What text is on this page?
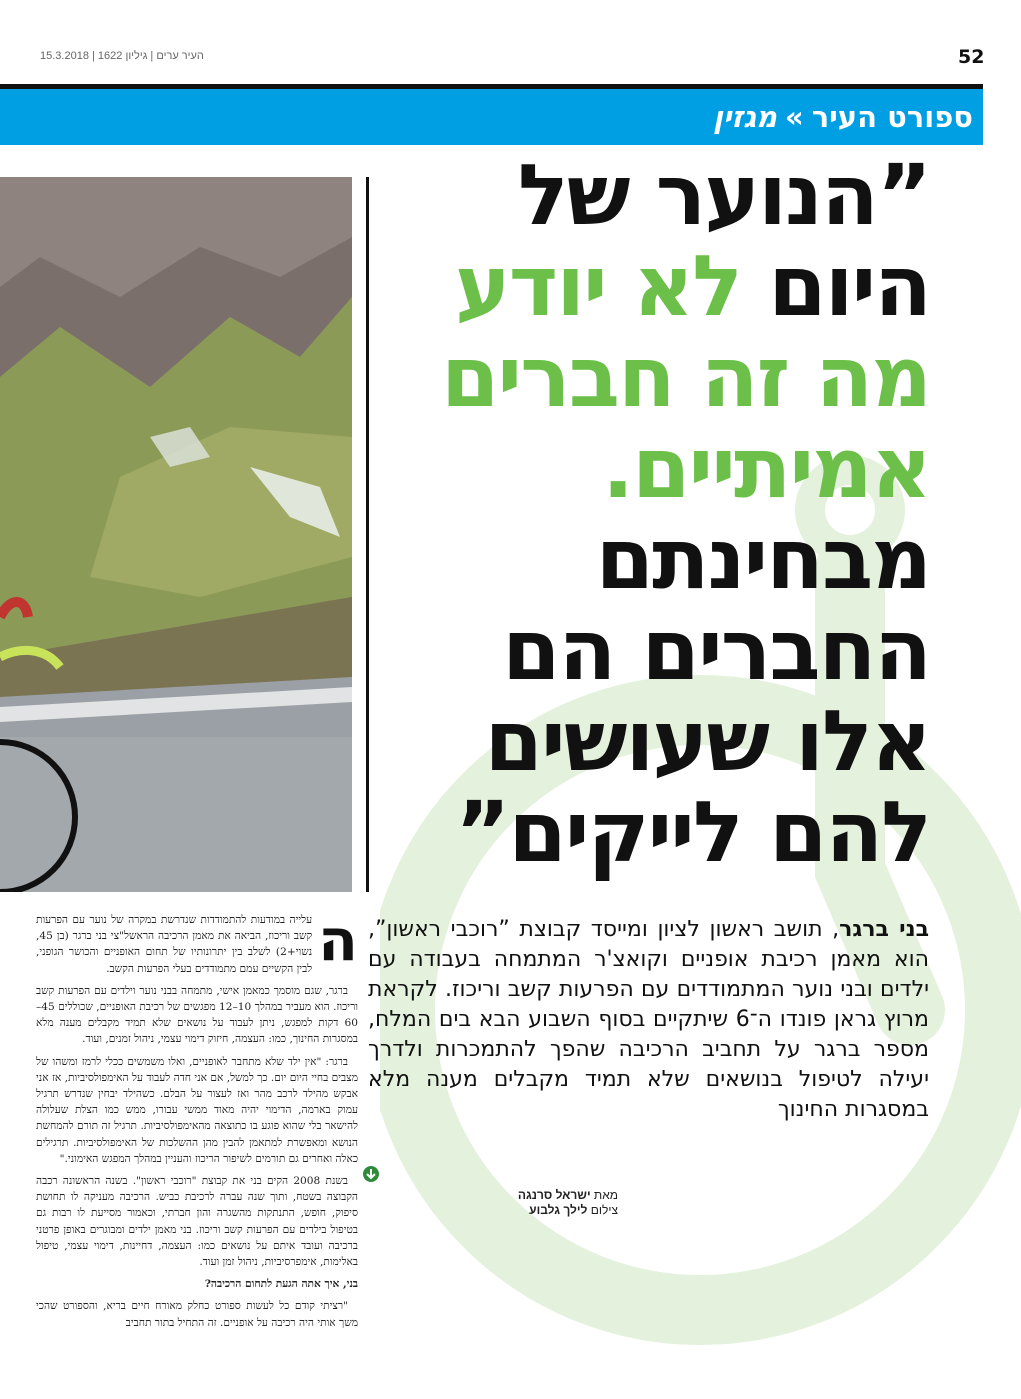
52
העיר ערים | גיליון 1622 | 15.3.2018
ספורט העיר»מגזין
”הנוער של
היום לא יודע
מה זה חברים
אמיתיים.
מבחינתם
החברים הם
אלו שעושים
להם לייקים”
בני ברגר, תושב ראשון לציון ומייסד קבוצת ”רוכבי ראשון”, הוא מאמן רכיבת אופניים וקואצ'ר המתמחה בעבודה עם ילדים ובני נוער המתמודדים עם הפרעות קשב וריכוז. לקראת מרוץ גראן פונדו ה־6 שיתקיים בסוף השבוע הבא בים המלח, מספר ברגר על תחביב הרכיבה שהפך להתמכרות ולדרך יעילה לטיפול בנושאים שלא תמיד מקבלים מענה מלא במסגרות החינוך
מאת ישראל סרנגה
צילום לילך גלבוע
ה

עלייה במודעות להתמודדות שנדרשת במקרה של נוער עם הפרעות קשב וריכוז, הביאה את מאמן הרכיבה הראשל"צי בני ברגר (בן 45, נשוי+2) לשלב בין יתרונותיו של תחום האופניים והכושר הגופני, לבין הקשיים עמם מתמודדים בעלי הפרעות הקשב.

ברגר, שגם מוסמך כמאמן אישי, מתמחה בבני נוער וילדים עם הפרעות קשב וריכוז. הוא מעביר במהלך 10–12 מפגשים של רכיבת האופניים, שכוללים 45–60 דקות למפגש, ניתן לעבוד על נושאים שלא תמיד מקבלים מענה מלא במסגרות החינוך, כמו: העצמה, חיזוק דימוי עצמי, ניהול זמנים, ועוד.

ברגר: "אין ילד שלא מתחבר לאופניים, ואלו משמשים ככלי לרמז ומשהו של מצבים בחיי היום יום. כך למשל, אם אני חדה לעבוד על האימפולסיביות, אז אני אבקש מהילד לרכב מהר ואז לעצור על הבלם. כשהילד יבחין שנדרש תרגיל עמוק בארמה, הדימוי יהיה מאוד ממשי עבורו, ממש כמו הצלת שעלולה להישאר בלי שהוא פוגע בו כתוצאה מהאימפולסיביות. תרגיל זה תורם להמחשת הנושא ומאפשרת למתאמן להבין מהן ההשלכות של האימפולסיביות. תרגילים כאלה ואחרים גם תורמים לשיפור הריכוז והעניין במהלך המפגש האימוני."

בשנת 2008 הקים בני את קבוצת "רוכבי ראשון". בשנה הראשונה רכבה הקבוצה בשטח, ותוך שנה עברה לרכיבת כביש. הרכיבה מעניקה לו תחושת סיפוק, חופש, התנתקות מהשגרה והון חברתי, וכאמור מסייעת לו רבות גם בטיפול בילדים עם הפרעות קשב וריכוז. בני מאמן ילדים ומבוגרים באופן פרטני ברכיבה ועובד איתם על נושאים כמו: העצמה, דחיינות, דימוי עצמי, טיפול באלימות, אימפרסיביות, ניהול זמן ועוד.

בני, איך אתה הגעת לתחום הרכיבה?

"רציתי קודם כל לעשות ספורט כחלק מאורח חיים בריא, והספורט שהכי משך אותי היה רכיבה על אופניים. זה התחיל בתור תחביב
